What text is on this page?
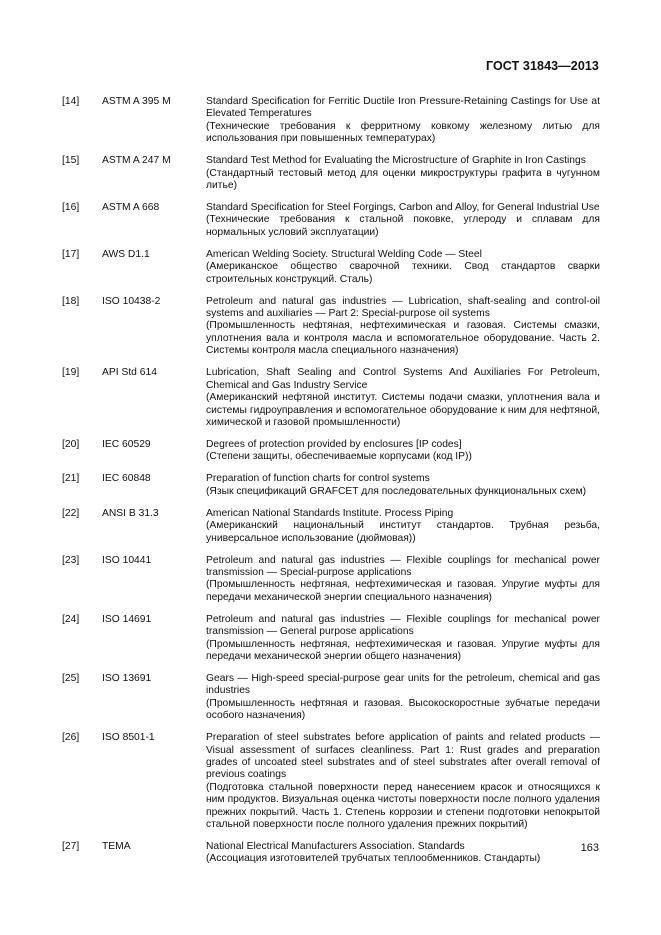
ГОСТ 31843—2013
[14]	ASTM A 395 M	Standard Specification for Ferritic Ductile Iron Pressure-Retaining Castings for Use at Elevated Temperatures
(Технические требования к ферритному ковкому железному литью для использования при повышенных температурах)
[15]	ASTM A 247 M	Standard Test Method for Evaluating the Microstructure of Graphite in Iron Castings
(Стандартный тестовый метод для оценки микроструктуры графита в чугунном литье)
[16]	ASTM A 668	Standard Specification for Steel Forgings, Carbon and Alloy, for General Industrial Use
(Технические требования к стальной поковке, углероду и сплавам для нормальных условий эксплуатации)
[17]	AWS D1.1	American Welding Society. Structural Welding Code — Steel
(Американское общество сварочной техники. Свод стандартов сварки строительных конструкций. Сталь)
[18]	ISO 10438-2	Petroleum and natural gas industries — Lubrication, shaft-sealing and control-oil systems and auxiliaries — Part 2: Special-purpose oil systems
(Промышленность нефтяная, нефтехимическая и газовая. Системы смазки, уплотнения вала и контроля масла и вспомогательное оборудование. Часть 2. Системы контроля масла специального назначения)
[19]	API Std 614	Lubrication, Shaft Sealing and Control Systems And Auxiliaries For Petroleum, Chemical and Gas Industry Service
(Американский нефтяной институт. Системы подачи смазки, уплотнения вала и системы гидроуправления и вспомогательное оборудование к ним для нефтяной, химической и газовой промышленности)
[20]	IEC 60529	Degrees of protection provided by enclosures [IP codes]
(Степени защиты, обеспечиваемые корпусами (код IP))
[21]	IEC 60848	Preparation of function charts for control systems
(Язык спецификаций GRAFCET для последовательных функциональных схем)
[22]	ANSI B 31.3	American National Standards Institute. Process Piping
(Американский национальный институт стандартов. Трубная резьба, универсальное использование (дюймовая))
[23]	ISO 10441	Petroleum and natural gas industries — Flexible couplings for mechanical power transmission — Special-purpose applications
(Промышленность нефтяная, нефтехимическая и газовая. Упругие муфты для передачи механической энергии специального назначения)
[24]	ISO 14691	Petroleum and natural gas industries — Flexible couplings for mechanical power transmission — General purpose applications
(Промышленность нефтяная, нефтехимическая и газовая. Упругие муфты для передачи механической энергии общего назначения)
[25]	ISO 13691	Gears — High-speed special-purpose gear units for the petroleum, chemical and gas industries
(Промышленность нефтяная и газовая. Высокоскоростные зубчатые передачи особого назначения)
[26]	ISO 8501-1	Preparation of steel substrates before application of paints and related products — Visual assessment of surfaces cleanliness. Part 1: Rust grades and preparation grades of uncoated steel substrates and of steel substrates after overall removal of previous coatings
(Подготовка стальной поверхности перед нанесением красок и относящихся к ним продуктов. Визуальная оценка чистоты поверхности после полного удаления прежних покрытий. Часть 1. Степень коррозии и степени подготовки непокрытой стальной поверхности после полного удаления прежних покрытий)
[27]	TEMA	National Electrical Manufacturers Association. Standards
(Ассоциация изготовителей трубчатых теплообменников. Стандарты)
163
